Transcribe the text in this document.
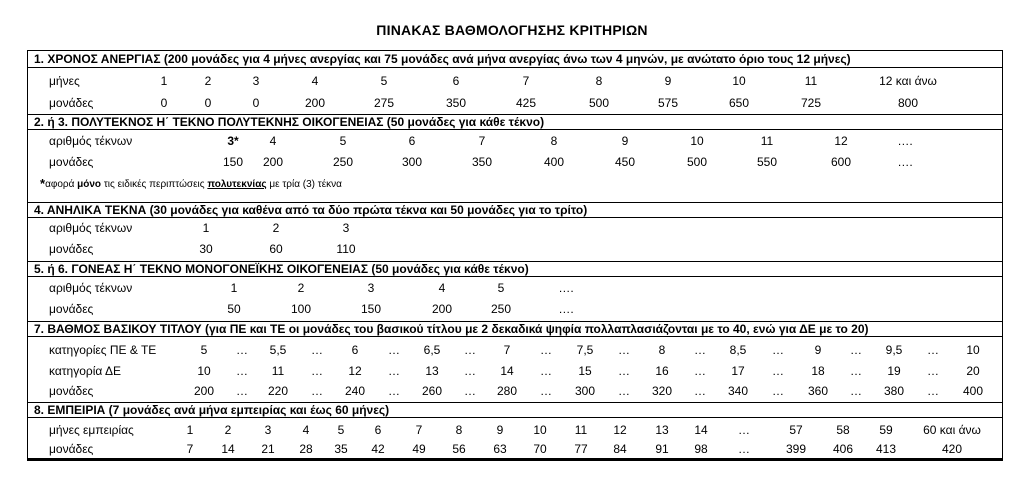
ΠΙΝΑΚΑΣ ΒΑΘΜΟΛΟΓΗΣΗΣ ΚΡΙΤΗΡΙΩΝ
1. ΧΡΟΝΟΣ ΑΝΕΡΓΙΑΣ (200 μονάδες για 4 μήνες ανεργίας και 75 μονάδες ανά μήνα ανεργίας άνω των 4 μηνών, με ανώτατο όριο τους 12 μήνες)
μήνες	1	2	3	4	5	6	7	8	9	10	11	12 και άνω
μονάδες	0	0	0	200	275	350	425	500	575	650	725	800
2. ή 3. ΠΟΛΥΤΕΚΝΟΣ Η΄ ΤΕΚΝΟ ΠΟΛΥΤΕΚΝΗΣ ΟΙΚΟΓΕΝΕΙΑΣ (50 μονάδες για κάθε τέκνο)
αριθμός τέκνων	3*	4	5	6	7	8	9	10	11	12	….
μονάδες	150 200	250	300	350	400	450	500	550	600	….
*αφορά μόνο τις ειδικές περιπτώσεις πολυτεκνίας με τρία (3) τέκνα
4. ΑΝΗΛΙΚΑ ΤΕΚΝΑ (30 μονάδες για καθένα από τα δύο πρώτα τέκνα και 50 μονάδες για το τρίτο)
αριθμός τέκνων	1	2	3
μονάδες	30	60	110
5. ή 6. ΓΟΝΕΑΣ Η΄ ΤΕΚΝΟ ΜΟΝΟΓΟΝΕΪΚΗΣ ΟΙΚΟΓΕΝΕΙΑΣ (50 μονάδες για κάθε τέκνο)
αριθμός τέκνων	1	2	3	4	5	….
μονάδες	50	100	150	200	250	….
7. ΒΑΘΜΟΣ ΒΑΣΙΚΟΥ ΤΙΤΛΟΥ (για ΠΕ και ΤΕ οι μονάδες του βασικού τίτλου με 2 δεκαδικά ψηφία πολλαπλασιάζονται με το 40, ενώ για ΔΕ με το 20)
κατηγορίες ΠΕ & ΤΕ	5 … 5,5 … 6 … 6,5 … 7 … 7,5 … 8 … 8,5 …	9 … 9,5 … 10
κατηγορία ΔΕ	10 … 11 … 12 … 13 … 14 … 15 … 16 … 17 … 18 … 19 … 20
μονάδες	200 … 220 … 240 … 260 … 280 … 300 … 320 … 340 … 360 … 380 … 400
8. ΕΜΠΕΙΡΙΑ (7 μονάδες ανά μήνα εμπειρίας και έως 60 μήνες)
μήνες εμπειρίας	1	2	3	4 5	6	7	8	9 10 11 12 13 14	…	57	58 59	60 και άνω
μονάδες	7 14 21 28 35 42 49 56 63 70 77 84 91 98	…	399 406 413	420
